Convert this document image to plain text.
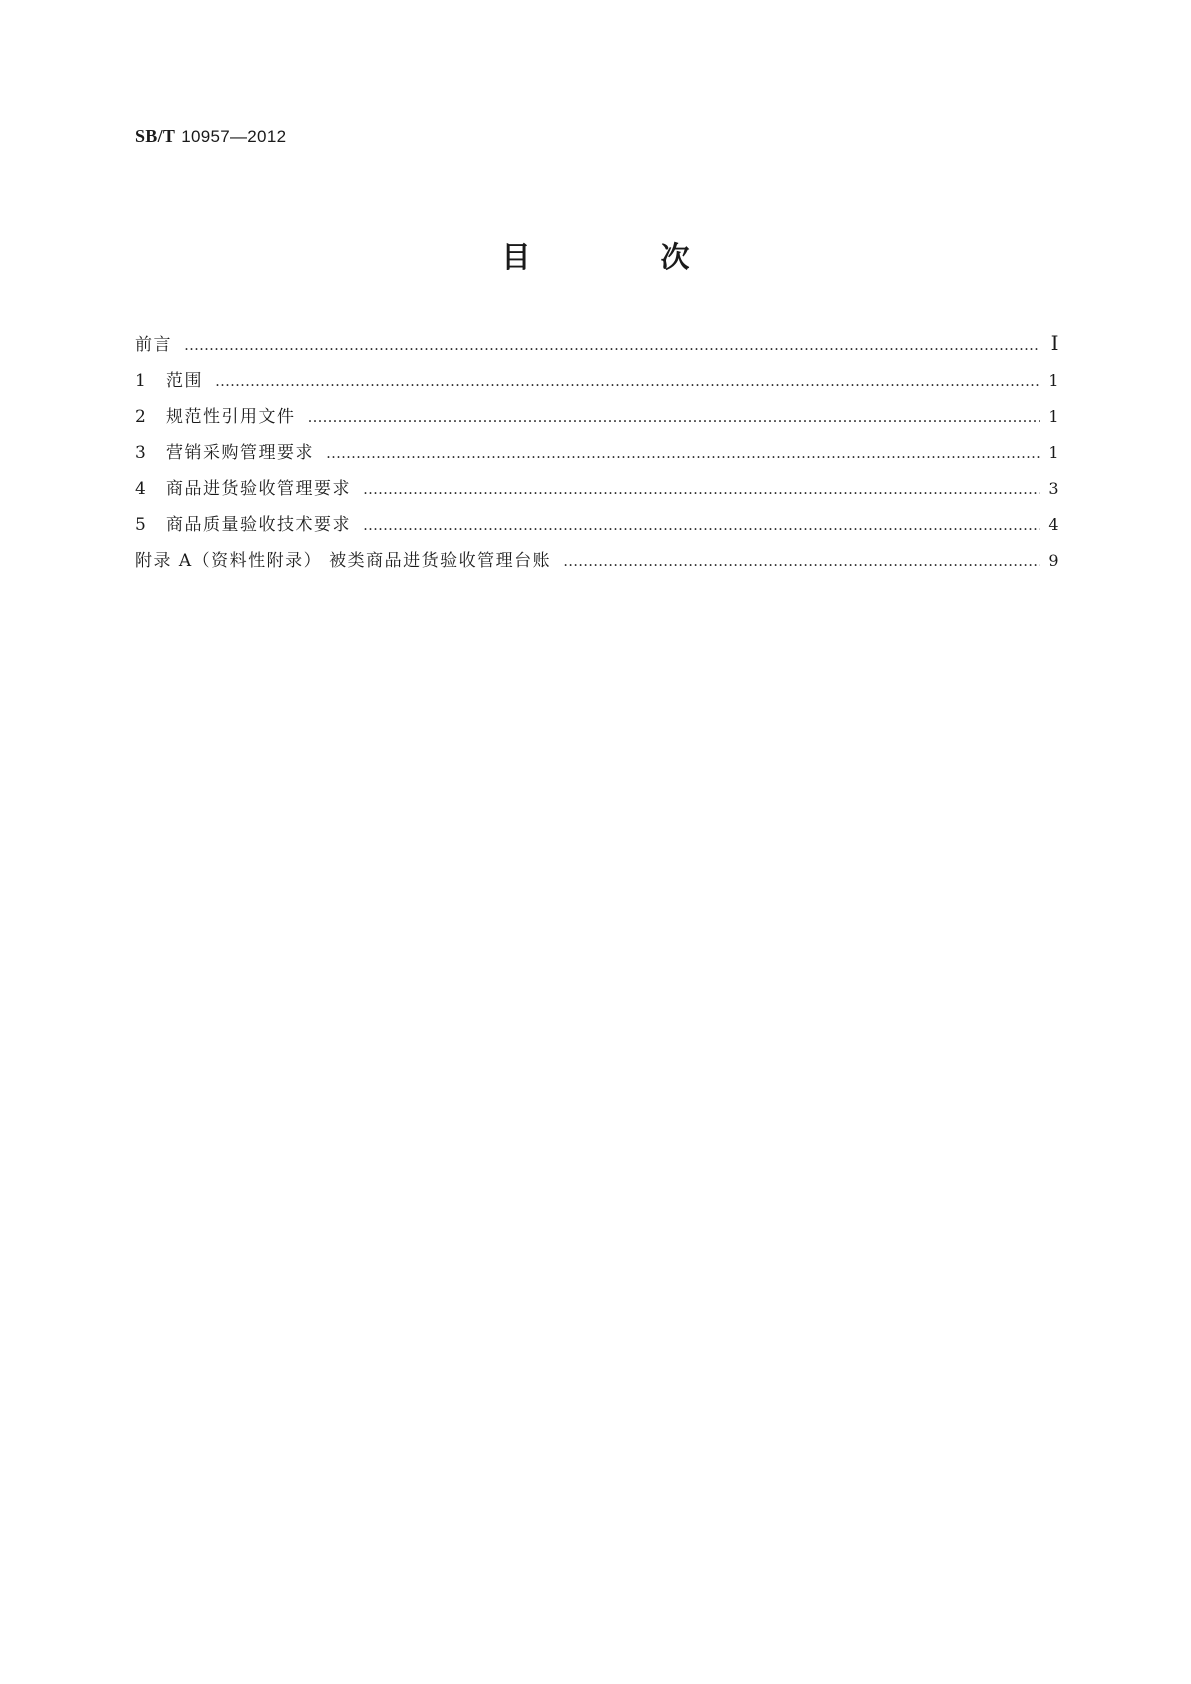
SB/T 10957—2012
目 次
前言 ………………………………………………………………………………………………………………………………………………………………………………………………	Ⅰ
1 范围 ………………………………………………………………………………………………………………………………………………………………………………………………	1
2 规范性引用文件 ………………………………………………………………………………………………………………………………………………………………………………………………	1
3 营销采购管理要求 ………………………………………………………………………………………………………………………………………………………………………………………………	1
4 商品进货验收管理要求 ………………………………………………………………………………………………………………………………………………………………………………………………	3
5 商品质量验收技术要求 ………………………………………………………………………………………………………………………………………………………………………………………………	4
附录 A（资料性附录） 被类商品进货验收管理台账 ………………………………………………………………………………………………………………………………………………………………………………………………	9
